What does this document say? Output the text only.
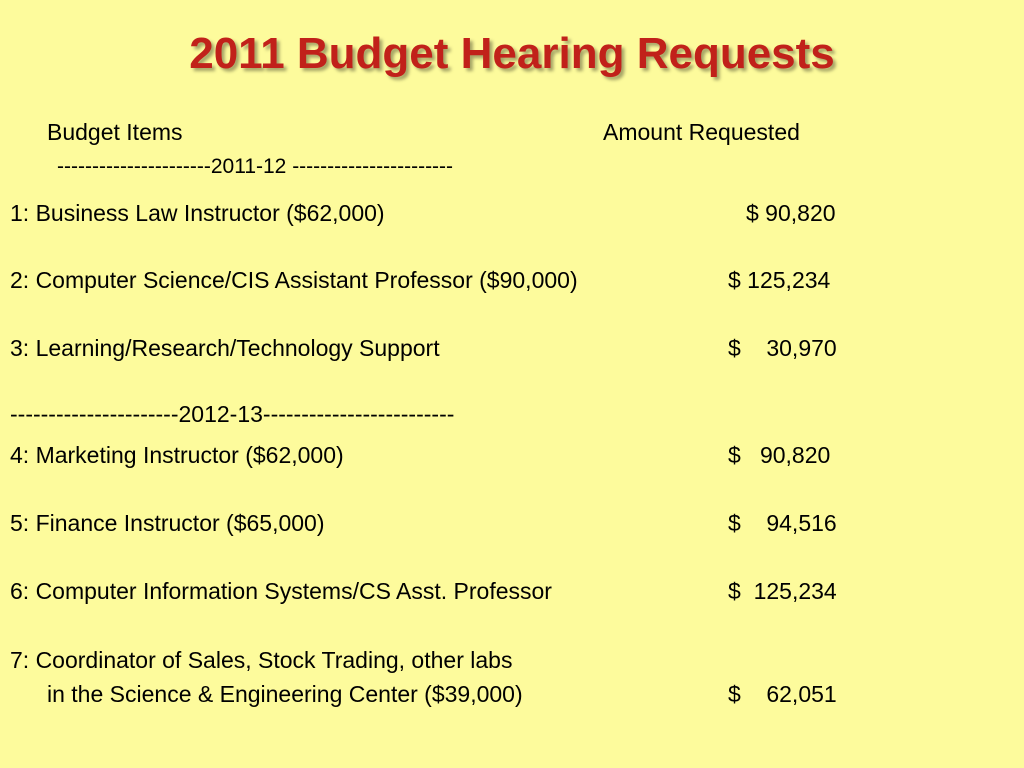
2011 Budget Hearing Requests
Budget Items	Amount Requested
----------------------2011-12 -----------------------
1: Business Law Instructor ($62,000)	$ 90,820
2: Computer Science/CIS Assistant Professor ($90,000)	$ 125,234
3: Learning/Research/Technology Support	$    30,970
----------------------2012-13-------------------------
4: Marketing Instructor ($62,000)	$   90,820
5: Finance Instructor ($65,000)	$    94,516
6: Computer Information Systems/CS Asst. Professor	$  125,234
7: Coordinator of Sales, Stock Trading, other labs
in the Science & Engineering Center ($39,000)	$    62,051
